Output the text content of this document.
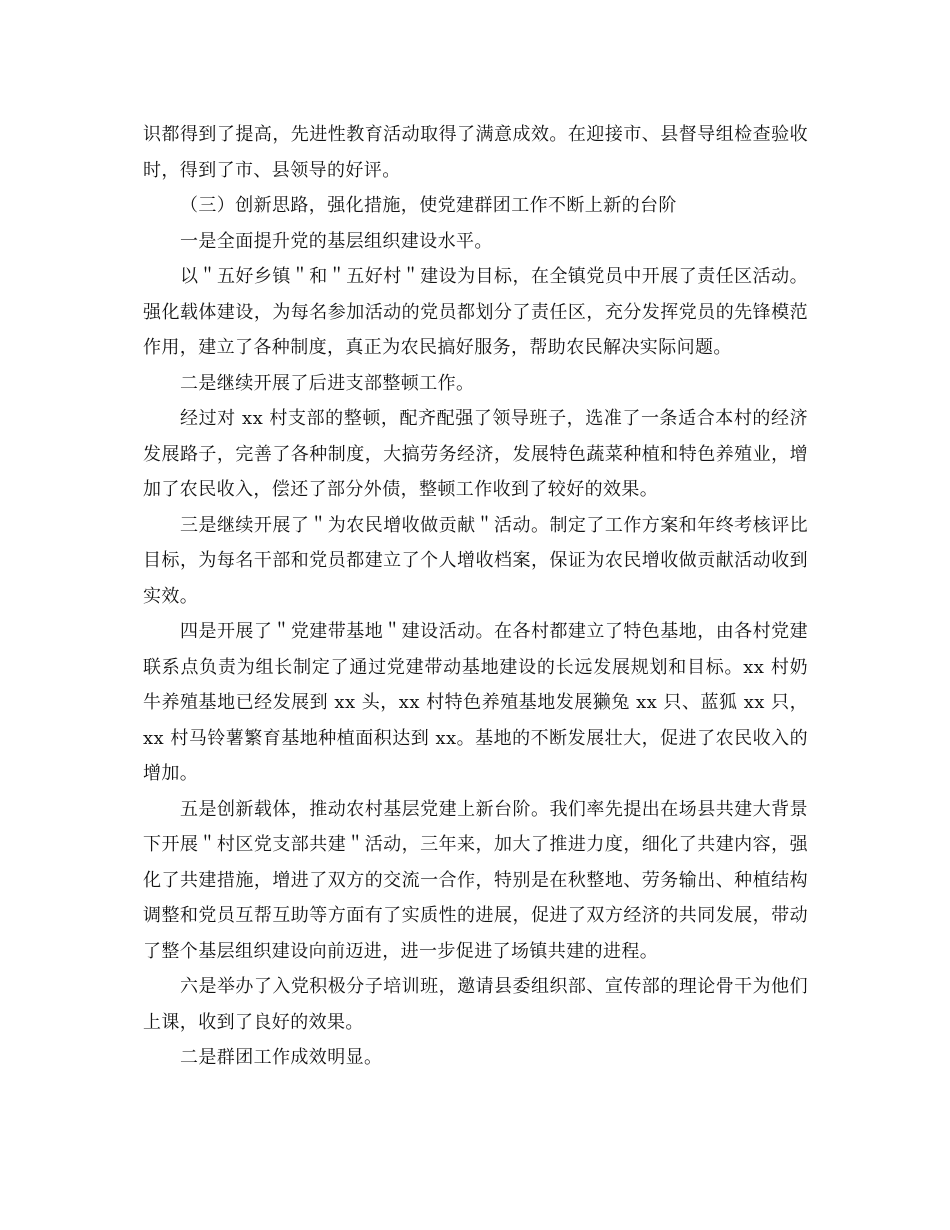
识都得到了提高，先进性教育活动取得了满意成效。在迎接市、县督导组检查验收时，得到了市、县领导的好评。

（三）创新思路，强化措施，使党建群团工作不断上新的台阶

一是全面提升党的基层组织建设水平。

以＂五好乡镇＂和＂五好村＂建设为目标，在全镇党员中开展了责任区活动。强化载体建设，为每名参加活动的党员都划分了责任区，充分发挥党员的先锋模范作用，建立了各种制度，真正为农民搞好服务，帮助农民解决实际问题。

二是继续开展了后进支部整顿工作。

经过对 xx 村支部的整顿，配齐配强了领导班子，选准了一条适合本村的经济发展路子，完善了各种制度，大搞劳务经济，发展特色蔬菜种植和特色养殖业，增加了农民收入，偿还了部分外债，整顿工作收到了较好的效果。

三是继续开展了＂为农民增收做贡献＂活动。制定了工作方案和年终考核评比目标，为每名干部和党员都建立了个人增收档案，保证为农民增收做贡献活动收到实效。

四是开展了＂党建带基地＂建设活动。在各村都建立了特色基地，由各村党建联系点负责为组长制定了通过党建带动基地建设的长远发展规划和目标。xx 村奶牛养殖基地已经发展到 xx 头，xx 村特色养殖基地发展獭兔 xx 只、蓝狐 xx 只，xx 村马铃薯繁育基地种植面积达到 xx。基地的不断发展壮大，促进了农民收入的增加。

五是创新载体，推动农村基层党建上新台阶。我们率先提出在场县共建大背景下开展＂村区党支部共建＂活动，三年来，加大了推进力度，细化了共建内容，强化了共建措施，增进了双方的交流一合作，特别是在秋整地、劳务输出、种植结构调整和党员互帮互助等方面有了实质性的进展，促进了双方经济的共同发展，带动了整个基层组织建设向前迈进，进一步促进了场镇共建的进程。

六是举办了入党积极分子培训班，邀请县委组织部、宣传部的理论骨干为他们上课，收到了良好的效果。

二是群团工作成效明显。
